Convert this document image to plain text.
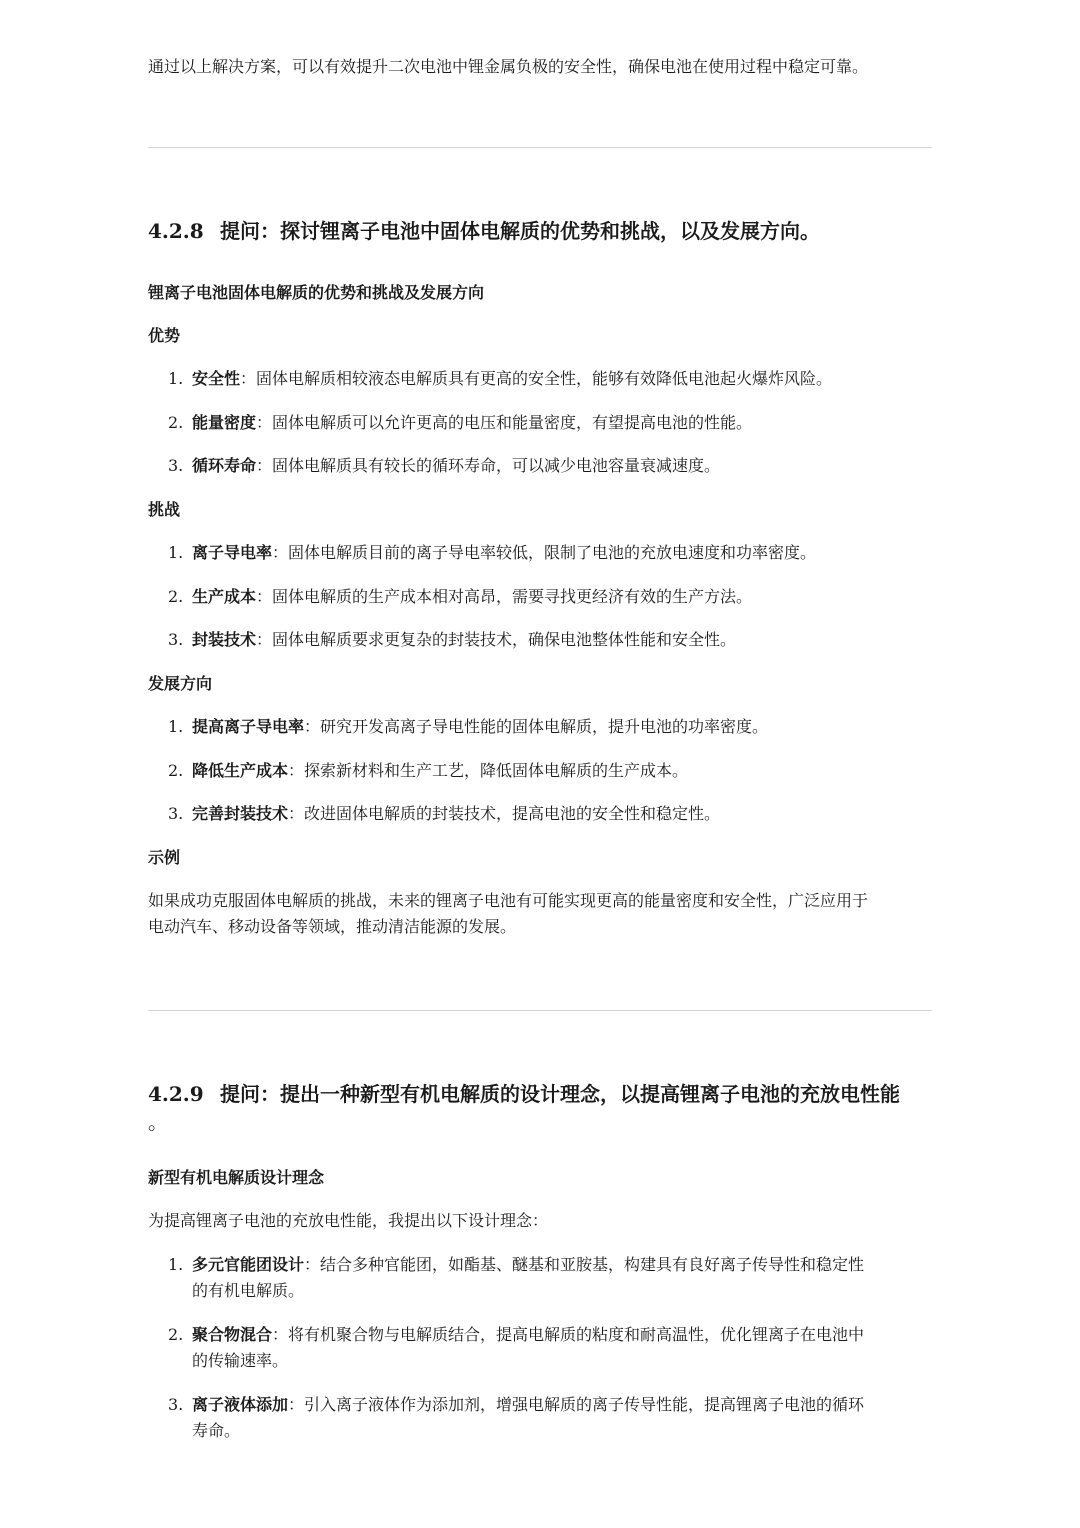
通过以上解决方案，可以有效提升二次电池中锂金属负极的安全性，确保电池在使用过程中稳定可靠。
4.2.8 提问：探讨锂离子电池中固体电解质的优势和挑战，以及发展方向。
锂离子电池固体电解质的优势和挑战及发展方向
优势
1. 安全性：固体电解质相较液态电解质具有更高的安全性，能够有效降低电池起火爆炸风险。
2. 能量密度：固体电解质可以允许更高的电压和能量密度，有望提高电池的性能。
3. 循环寿命：固体电解质具有较长的循环寿命，可以减少电池容量衰减速度。
挑战
1. 离子导电率：固体电解质目前的离子导电率较低，限制了电池的充放电速度和功率密度。
2. 生产成本：固体电解质的生产成本相对高昂，需要寻找更经济有效的生产方法。
3. 封装技术：固体电解质要求更复杂的封装技术，确保电池整体性能和安全性。
发展方向
1. 提高离子导电率：研究开发高离子导电性能的固体电解质，提升电池的功率密度。
2. 降低生产成本：探索新材料和生产工艺，降低固体电解质的生产成本。
3. 完善封装技术：改进固体电解质的封装技术，提高电池的安全性和稳定性。
示例
如果成功克服固体电解质的挑战，未来的锂离子电池有可能实现更高的能量密度和安全性，广泛应用于
电动汽车、移动设备等领域，推动清洁能源的发展。
4.2.9 提问：提出一种新型有机电解质的设计理念，以提高锂离子电池的充放电性能
。
新型有机电解质设计理念
为提高锂离子电池的充放电性能，我提出以下设计理念：
1. 多元官能团设计：结合多种官能团，如酯基、醚基和亚胺基，构建具有良好离子传导性和稳定性
的有机电解质。
2. 聚合物混合：将有机聚合物与电解质结合，提高电解质的粘度和耐高温性，优化锂离子在电池中
的传输速率。
3. 离子液体添加：引入离子液体作为添加剂，增强电解质的离子传导性能，提高锂离子电池的循环
寿命。
